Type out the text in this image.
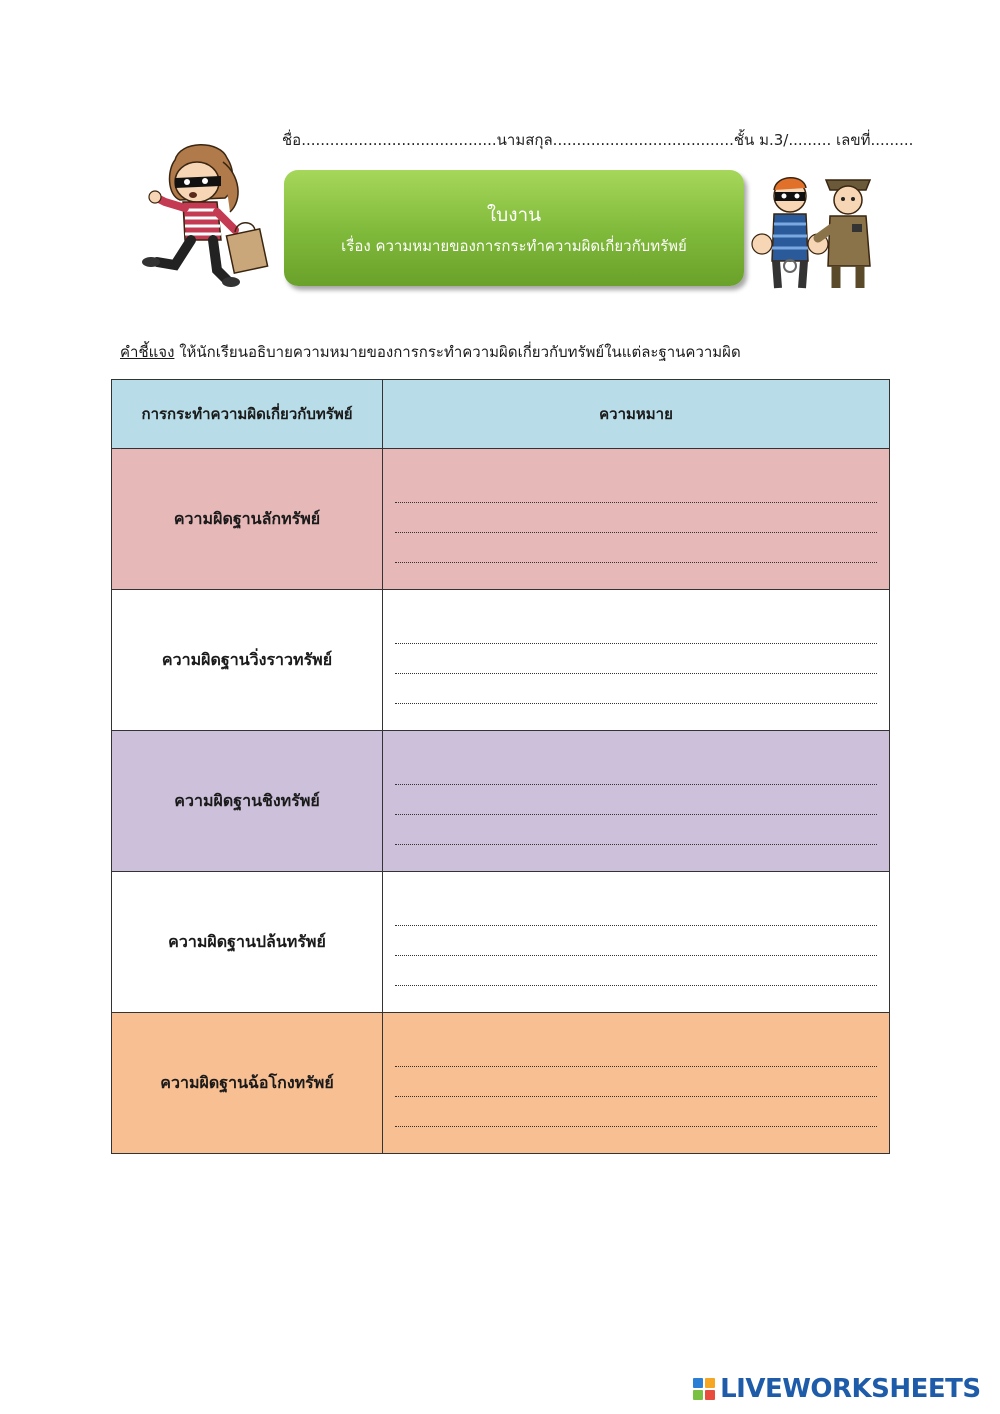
ชื่อ.........................................นามสกุล......................................ชั้น ม.3/......... เลขที่.........
ใบงาน
เรื่อง ความหมายของการกระทำความผิดเกี่ยวกับทรัพย์
คำชี้แจง ให้นักเรียนอธิบายความหมายของการกระทำความผิดเกี่ยวกับทรัพย์ในแต่ละฐานความผิด
การกระทำความผิดเกี่ยวกับทรัพย์	ความหมาย
ความผิดฐานลักทรัพย์	

ความผิดฐานวิ่งราวทรัพย์	

ความผิดฐานชิงทรัพย์	

ความผิดฐานปล้นทรัพย์	

ความผิดฐานฉ้อโกงทรัพย์	
LIVEWORKSHEETS
